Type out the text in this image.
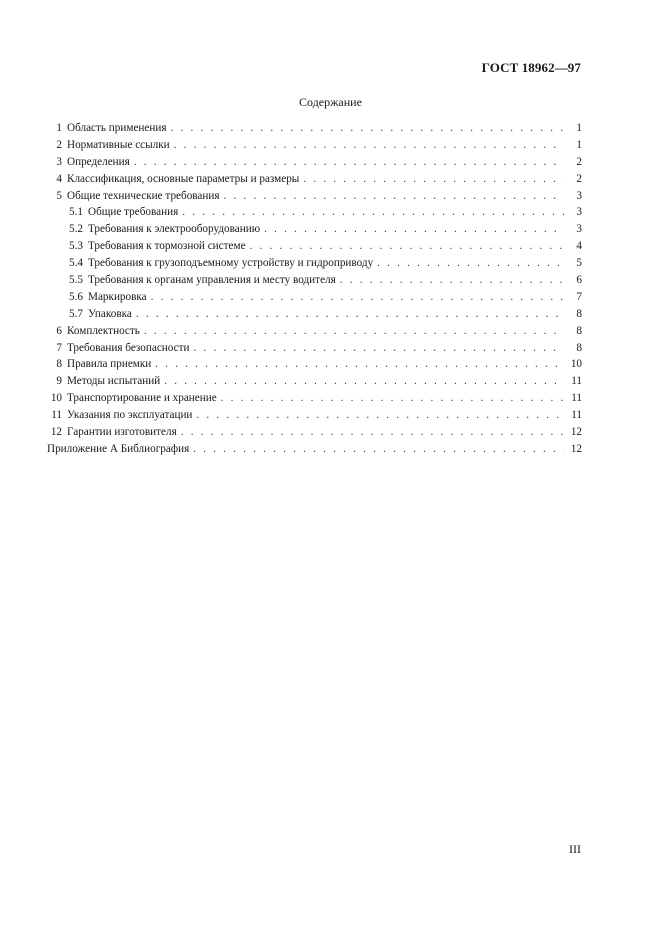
ГОСТ 18962—97
Содержание
1 Область применения . . .	1
2 Нормативные ссылки . . .	1
3 Определения . . .	2
4 Классификация, основные параметры и размеры . . .	2
5 Общие технические требования . . .	3
5.1 Общие требования . . .	3
5.2 Требования к электрооборудованию . . .	3
5.3 Требования к тормозной системе . . .	4
5.4 Требования к грузоподъемному устройству и гидроприводу . . .	5
5.5 Требования к органам управления и месту водителя . . .	6
5.6 Маркировка . . .	7
5.7 Упаковка . . .	8
6 Комплектность . . .	8
7 Требования безопасности . . .	8
8 Правила приемки . . .	10
9 Методы испытаний . . .	11
10 Транспортирование и хранение . . .	11
11 Указания по эксплуатации . . .	11
12 Гарантии изготовителя . . .	12
Приложение А Библиография . . .	12
III
